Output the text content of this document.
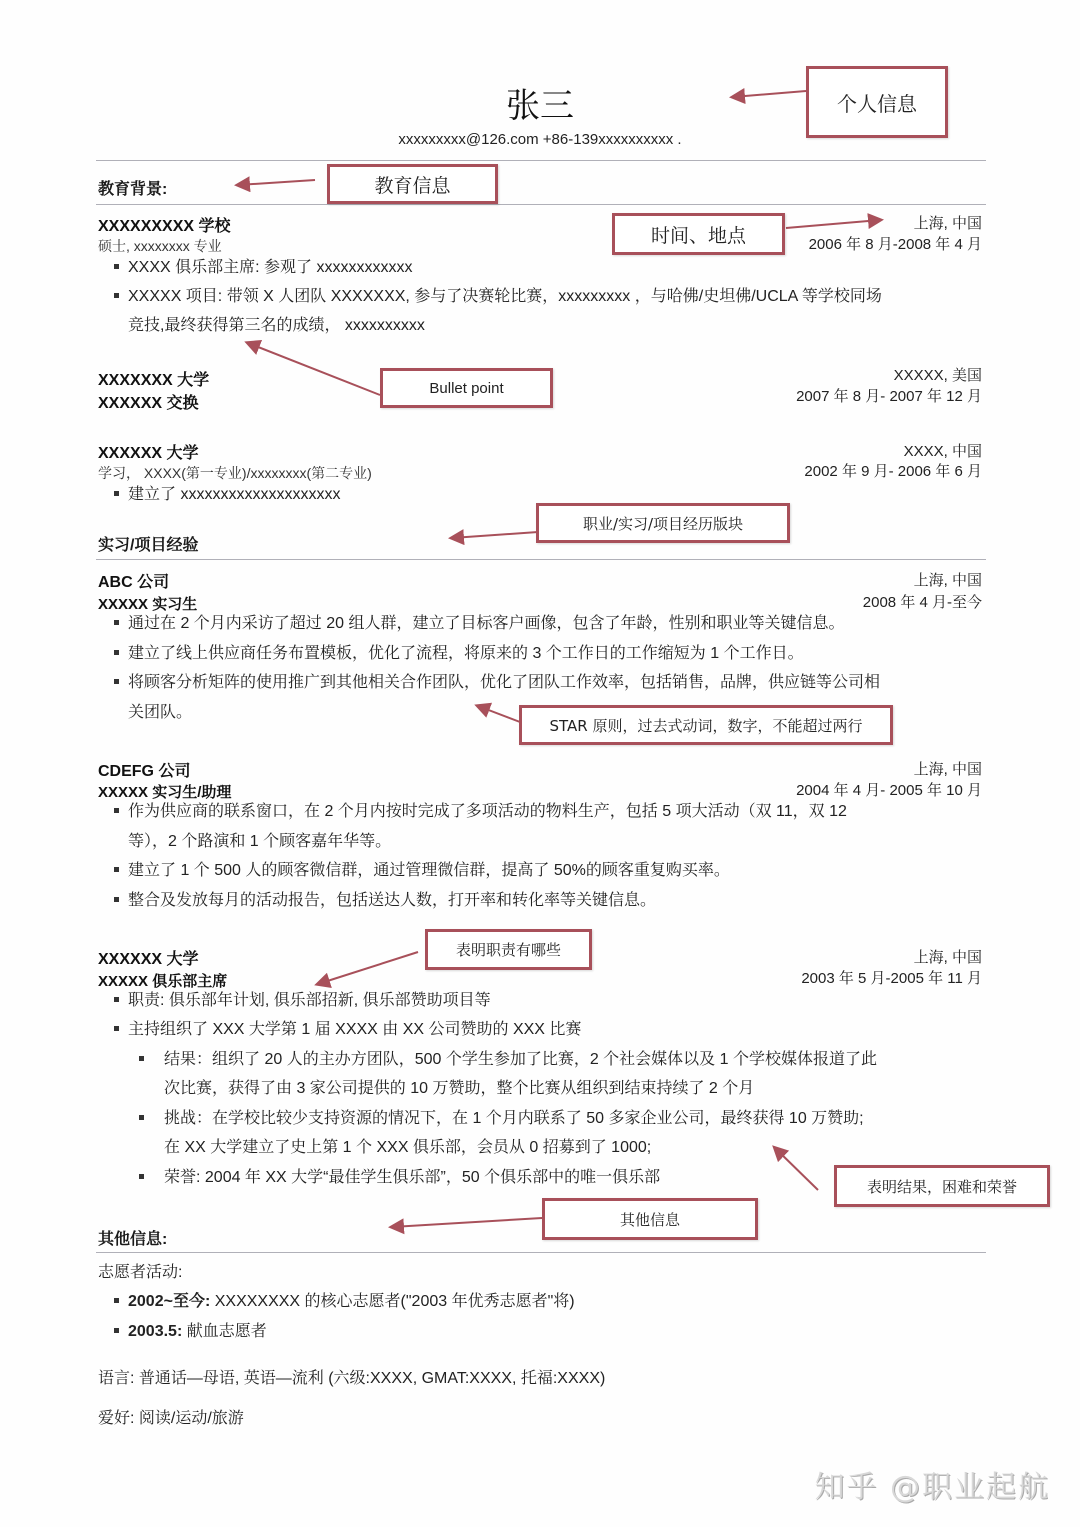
张三
xxxxxxxxx@126.com +86-139xxxxxxxxxx .
教育背景:
XXXXXXXXX 学校
硕士, xxxxxxxx 专业
上海, 中国
2006 年 8 月-2008 年 4 月
XXXX 俱乐部主席: 参观了 xxxxxxxxxxxx
XXXXX 项目: 带领 X 人团队 XXXXXXX, 参与了决赛轮比赛，xxxxxxxxx ，与哈佛/史坦佛/UCLA 等学校同场
竞技,最终获得第三名的成绩， xxxxxxxxxx
XXXXXXX 大学
XXXXXX 交换
XXXXX, 美国
2007 年 8 月- 2007 年 12 月
XXXXXX 大学
学习， XXXX(第一专业)/xxxxxxxx(第二专业)
XXXX, 中国
2002 年 9 月- 2006 年 6 月
建立了 xxxxxxxxxxxxxxxxxxxx
实习/项目经验
ABC 公司
XXXXX 实习生
上海, 中国
2008 年 4 月-至今
通过在 2 个月内采访了超过 20 组人群，建立了目标客户画像，包含了年龄，性别和职业等关键信息。
建立了线上供应商任务布置模板，优化了流程，将原来的 3 个工作日的工作缩短为 1 个工作日。
将顾客分析矩阵的使用推广到其他相关合作团队，优化了团队工作效率，包括销售，品牌，供应链等公司相
关团队。
CDEFG 公司
XXXXX 实习生/助理
上海, 中国
2004 年 4 月- 2005 年 10 月
作为供应商的联系窗口，在 2 个月内按时完成了多项活动的物料生产，包括 5 项大活动（双 11，双 12
等），2 个路演和 1 个顾客嘉年华等。
建立了 1 个 500 人的顾客微信群，通过管理微信群，提高了 50%的顾客重复购买率。
整合及发放每月的活动报告，包括送达人数，打开率和转化率等关键信息。
XXXXXX 大学
XXXXX 俱乐部主席
上海, 中国
2003 年 5 月-2005 年 11 月
职责: 俱乐部年计划, 俱乐部招新, 俱乐部赞助项目等
主持组织了 XXX 大学第 1 届 XXXX 由 XX 公司赞助的 XXX 比赛
结果：组织了 20 人的主办方团队，500 个学生参加了比赛，2 个社会媒体以及 1 个学校媒体报道了此
次比赛，获得了由 3 家公司提供的 10 万赞助，整个比赛从组织到结束持续了 2 个月
挑战：在学校比较少支持资源的情况下，在 1 个月内联系了 50 多家企业公司，最终获得 10 万赞助;
在 XX 大学建立了史上第 1 个 XXX 俱乐部，会员从 0 招募到了 1000;
荣誉: 2004 年 XX 大学“最佳学生俱乐部”，50 个俱乐部中的唯一俱乐部
其他信息:
志愿者活动:
2002~至今: XXXXXXXX 的核心志愿者("2003 年优秀志愿者"将)
2003.5: 献血志愿者
语言: 普通话—母语, 英语—流利 (六级:XXXX, GMAT:XXXX, 托福:XXXX)
爱好: 阅读/运动/旅游
个人信息
教育信息
时间、地点
Bullet point
职业/实习/项目经历版块
STAR 原则，过去式动词，数字，不能超过两行
表明职责有哪些
表明结果，困难和荣誉
其他信息
知乎 @职业起航
